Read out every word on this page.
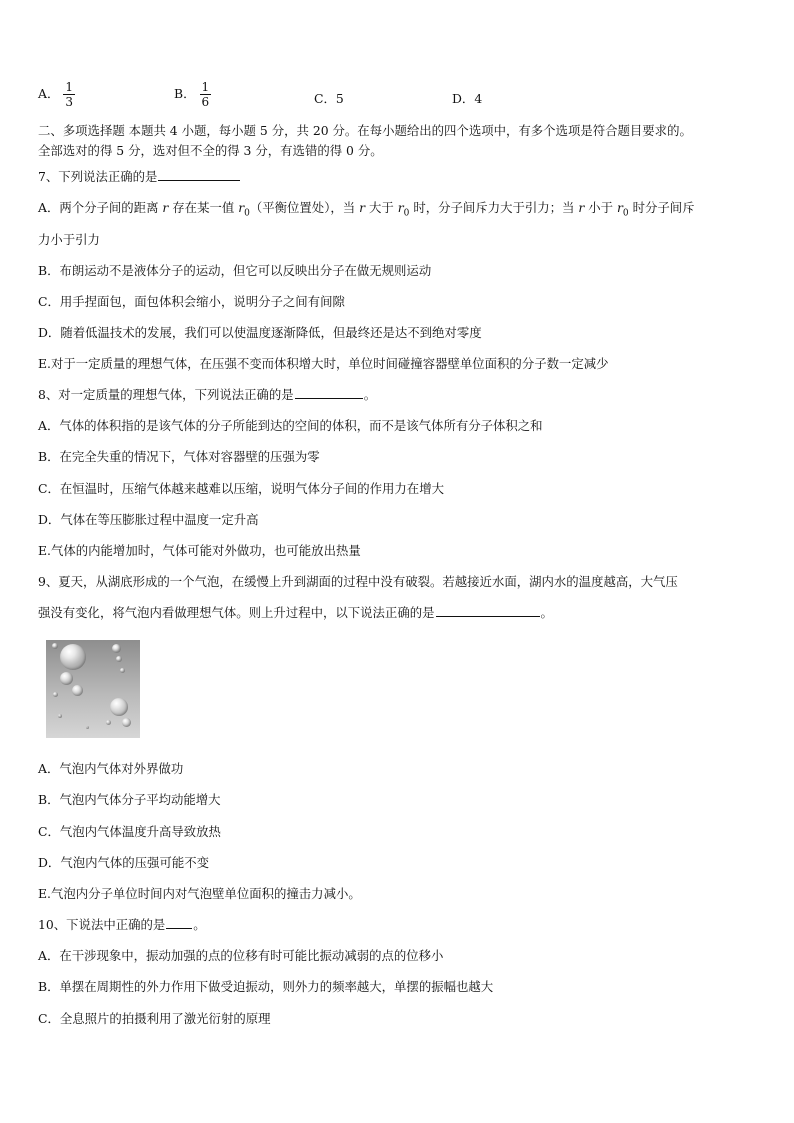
A． $\frac{1}{3}$	B． $\frac{1}{6}$	C．5	D．4
二、多项选择题 本题共 4 小题，每小题 5 分，共 20 分。在每小题给出的四个选项中，有多个选项是符合题目要求的。
全部选对的得 5 分，选对但不全的得 3 分，有选错的得 0 分。
7、下列说法正确的是
A．两个分子间的距离 r 存在某一值 $r_0$（平衡位置处），当 r 大于 $r_0$ 时，分子间斥力大于引力；当 r 小于 $r_0$ 时分子间斥
力小于引力
B．布朗运动不是液体分子的运动，但它可以反映出分子在做无规则运动
C．用手捏面包，面包体积会缩小，说明分子之间有间隙
D．随着低温技术的发展，我们可以使温度逐渐降低，但最终还是达不到绝对零度
E.对于一定质量的理想气体，在压强不变而体积增大时，单位时间碰撞容器壁单位面积的分子数一定减少
8、对一定质量的理想气体，下列说法正确的是	。
A．气体的体积指的是该气体的分子所能到达的空间的体积，而不是该气体所有分子体积之和
B．在完全失重的情况下，气体对容器壁的压强为零
C．在恒温时，压缩气体越来越难以压缩，说明气体分子间的作用力在增大
D．气体在等压膨胀过程中温度一定升高
E.气体的内能增加时，气体可能对外做功，也可能放出热量
9、夏天，从湖底形成的一个气泡，在缓慢上升到湖面的过程中没有破裂。若越接近水面，湖内水的温度越高，大气压
强没有变化，将气泡内看做理想气体。则上升过程中，以下说法正确的是	。
A．气泡内气体对外界做功
B．气泡内气体分子平均动能增大
C．气泡内气体温度升高导致放热
D．气泡内气体的压强可能不变
E.气泡内分子单位时间内对气泡壁单位面积的撞击力减小。
10、下说法中正确的是 。
A．在干涉现象中，振动加强的点的位移有时可能比振动减弱的点的位移小
B．单摆在周期性的外力作用下做受迫振动，则外力的频率越大，单摆的振幅也越大
C．全息照片的拍摄利用了激光衍射的原理
